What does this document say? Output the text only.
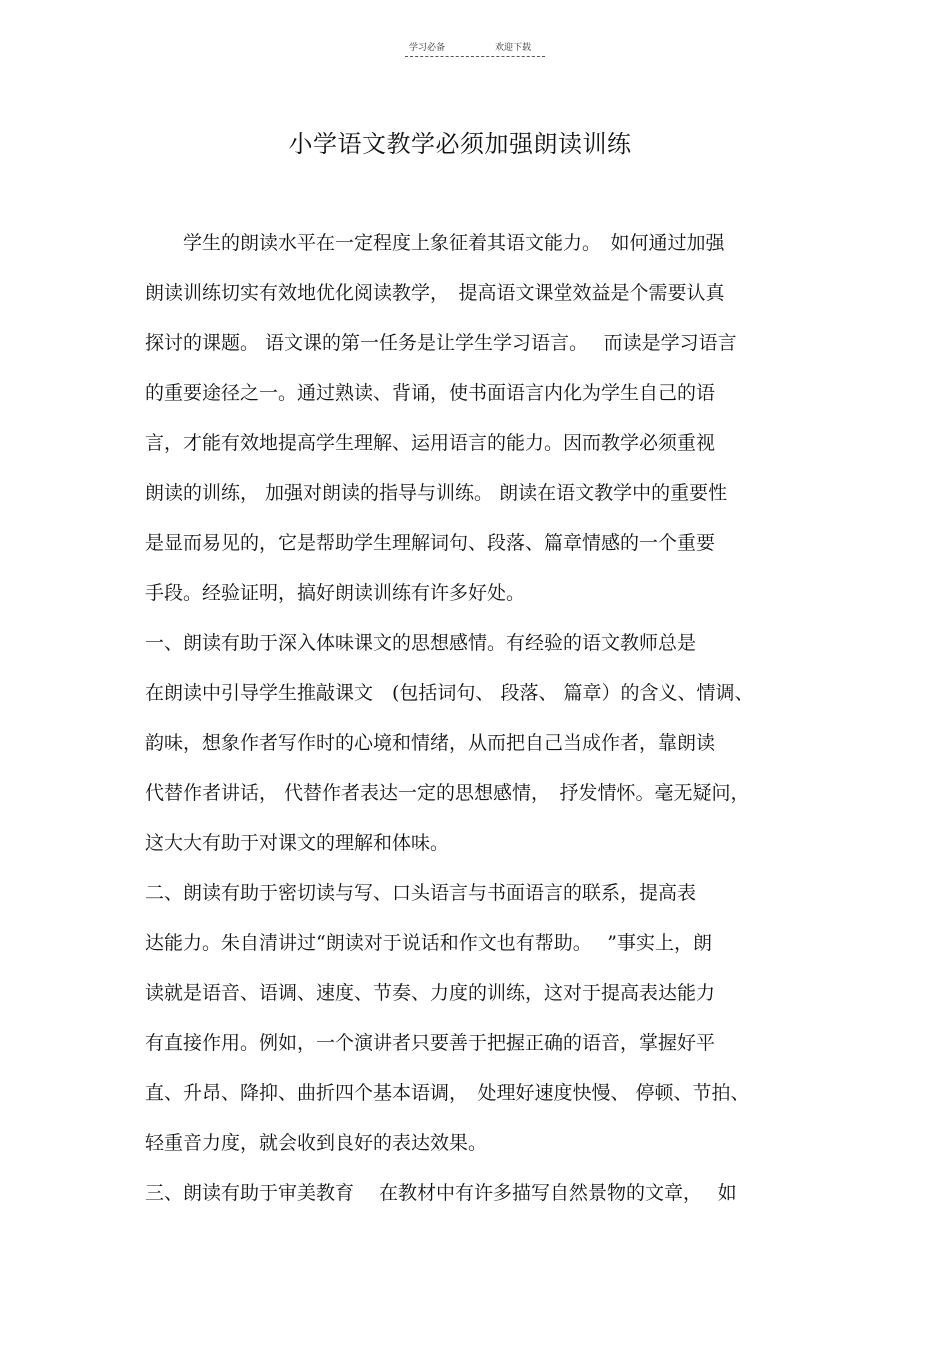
学习必备	欢迎下载
小学语文教学必须加强朗读训练
　　学生的朗读水平在一定程度上象征着其语文能力。　如何通过加强
朗读训练切实有效地优化阅读教学，　提高语文课堂效益是个需要认真
探讨的课题。 语文课的第一任务是让学生学习语言。　 而读是学习语言
的重要途径之一。通过熟读、背诵，使书面语言内化为学生自己的语
言，才能有效地提高学生理解、运用语言的能力。因而教学必须重视
朗读的训练， 加强对朗读的指导与训练。 朗读在语文教学中的重要性
是显而易见的，它是帮助学生理解词句、段落、篇章情感的一个重要
手段。经验证明，搞好朗读训练有许多好处。
一、朗读有助于深入体味课文的思想感情。有经验的语文教师总是
在朗读中引导学生推敲课文　(包括词句、 段落、 篇章）的含义、情调、
韵味，想象作者写作时的心境和情绪，从而把自己当成作者，靠朗读
代替作者讲话， 代替作者表达一定的思想感情，　抒发情怀。毫无疑问，
这大大有助于对课文的理解和体味。
二、朗读有助于密切读与写、口头语言与书面语言的联系，提高表
达能力。朱自清讲过“朗读对于说话和作文也有帮助。　 ”事实上，朗
读就是语音、语调、速度、节奏、力度的训练，这对于提高表达能力
有直接作用。例如，一个演讲者只要善于把握正确的语音，掌握好平
直、升昂、降抑、曲折四个基本语调，　处理好速度快慢、 停顿、节拍、
轻重音力度，就会收到良好的表达效果。
三、朗读有助于审美教育　 在教材中有许多描写自然景物的文章，　 如
